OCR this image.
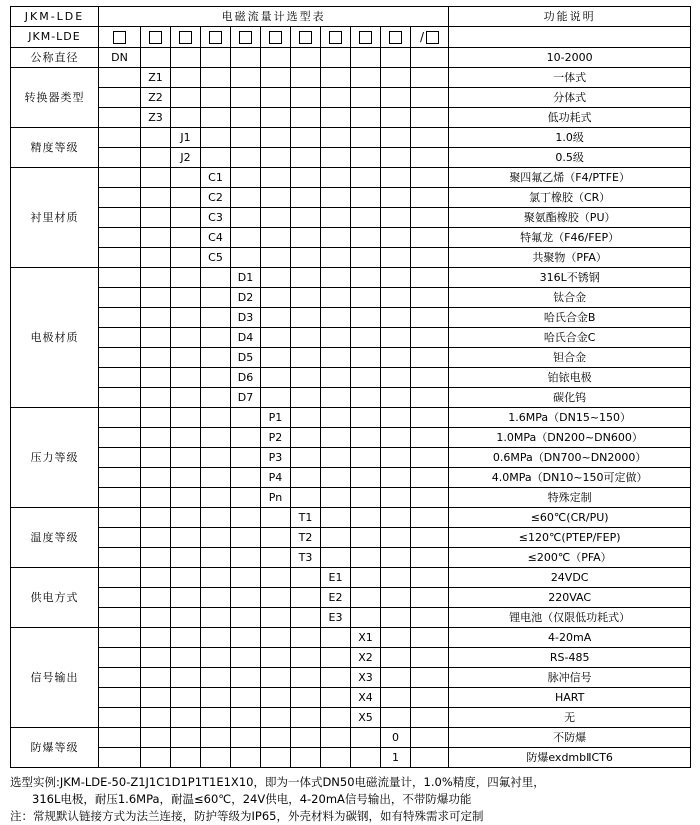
JKM-LDE	电磁流量计选型表											功能说明
JKM-LDE											/	
公称直径	DN											10-2000
转换器类型		Z1										一体式
		Z2										分体式
		Z3										低功耗式
精度等级			J1									1.0级
			J2									0.5级
衬里材质				C1								聚四氟乙烯（F4/PTFE）
				C2								氯丁橡胶（CR）
				C3								聚氨酯橡胶（PU）
				C4								特氟龙（F46/FEP）
				C5								共聚物（PFA）
电极材质					D1							316L不锈钢
					D2							钛合金
					D3							哈氏合金B
					D4							哈氏合金C
					D5							钽合金
					D6							铂铱电极
					D7							碳化钨
压力等级						P1						1.6MPa（DN15~150）
						P2						1.0MPa（DN200~DN600）
						P3						0.6MPa（DN700~DN2000）
						P4						4.0MPa（DN10~150可定做）
						Pn						特殊定制
温度等级							T1					≤60℃(CR/PU)
							T2					≤120℃(PTEP/FEP)
							T3					≤200℃（PFA）
供电方式								E1				24VDC
								E2				220VAC
								E3				锂电池（仅限低功耗式）
信号输出									X1			4-20mA
									X2			RS-485
									X3			脉冲信号
									X4			HART
									X5			无
防爆等级										0		不防爆
										1		防爆exdmbⅡCT6
选型实例:JKM-LDE-50-Z1J1C1D1P1T1E1X10，即为一体式DN50电磁流量计，1.0%精度，四氟衬里，
316L电极，耐压1.6MPa，耐温≤60℃，24V供电，4-20mA信号输出，不带防爆功能
注：常规默认链接方式为法兰连接，防护等级为IP65，外壳材料为碳钢，如有特殊需求可定制
